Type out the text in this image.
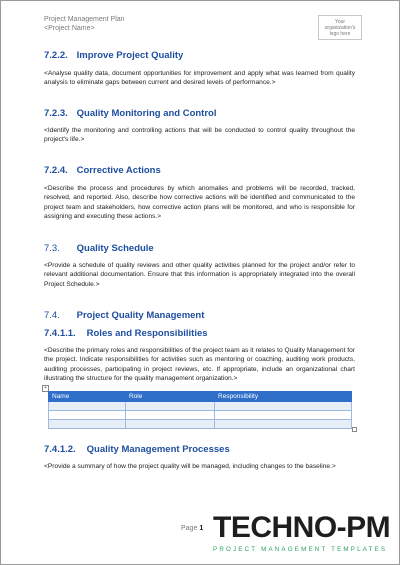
Project Management Plan
<Project Name>
Your organization's logo here
7.2.2. Improve Project Quality
<Analyse quality data, document opportunities for improvement and apply what was learned from quality analysis to eliminate gaps between current and desired levels of performance.>
7.2.3. Quality Monitoring and Control
<Identify the monitoring and controlling actions that will be conducted to control quality throughout the project's life.>
7.2.4. Corrective Actions
<Describe the process and procedures by which anomalies and problems will be recorded, tracked, resolved, and reported. Also, describe how corrective actions will be identified and communicated to the project team and stakeholders, how corrective action plans will be monitored, and who is responsible for assigning and executing these actions.>
7.3. Quality Schedule
<Provide a schedule of quality reviews and other quality activities planned for the project and/or refer to relevant additional documentation. Ensure that this information is appropriately integrated into the overall Project Schedule.>
7.4. Project Quality Management
7.4.1.1. Roles and Responsibilities
<Describe the primary roles and responsibilities of the project team as it relates to Quality Management for the project. Indicate responsibilities for activities such as mentoring or coaching, auditing work products, auditing processes, participating in project reviews, etc. If appropriate, include an organizational chart illustrating the structure for the quality management organization.>
+
Name	Role	Responsibility

7.4.1.2. Quality Management Processes
<Provide a summary of how the project quality will be managed, including changes to the baseline.>
Page 1 TECHNO-PM
PROJECT MANAGEMENT TEMPLATES
